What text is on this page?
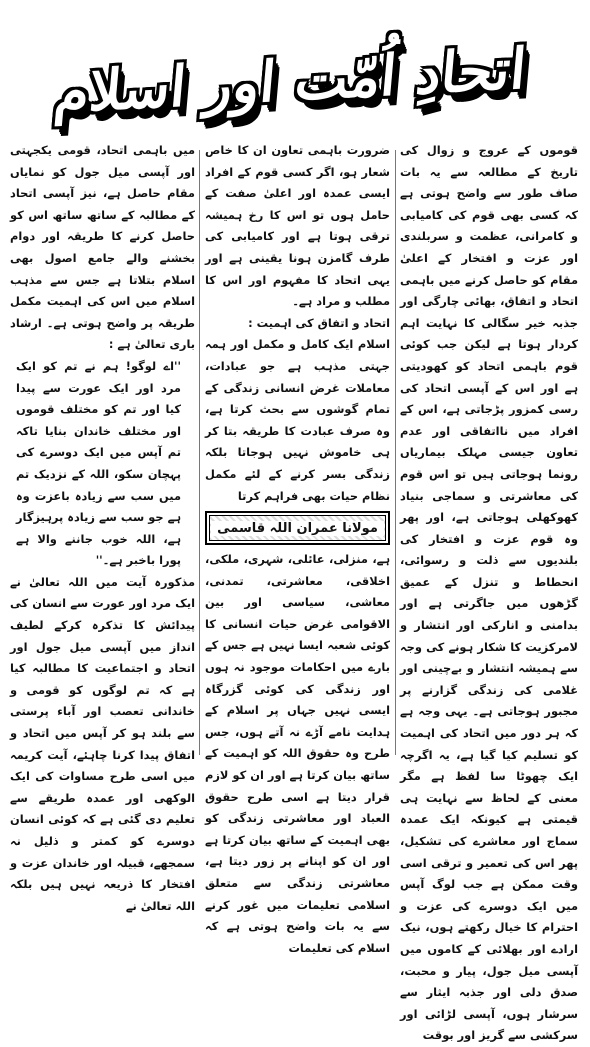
اتحادِ اُمّت اور اسلام

قوموں کے عروج و زوال کی تاریخ کے مطالعہ سے یہ بات صاف طور سے واضح ہوتی ہے کہ کسی بھی قوم کی کامیابی و کامرانی، عظمت و سربلندی اور عزت و افتخار کے اعلیٰ مقام کو حاصل کرنے میں باہمی اتحاد و اتفاق، بھائی چارگی اور جذبہ خیر سگالی کا نہایت اہم کردار ہوتا ہے لیکن جب کوئی قوم باہمی اتحاد کو کھودیتی ہے اور اس کے آپسی اتحاد کی رسی کمزور پڑجاتی ہے، اس کے افراد میں نااتفاقی اور عدم تعاون جیسی مہلک بیماریاں رونما ہوجاتی ہیں تو اس قوم کی معاشرتی و سماجی بنیاد کھوکھلی ہوجاتی ہے، اور پھر وہ قوم عزت و افتخار کی بلندیوں سے ذلت و رسوائی، انحطاط و تنزل کے عمیق گڑھوں میں جاگرتی ہے اور بدامنی و انارکی اور انتشار و لامرکزیت کا شکار ہونے کی وجہ سے ہمیشہ انتشار و بےچینی اور غلامی کی زندگی گزارنے پر مجبور ہوجاتی ہے۔ یہی وجہ ہے کہ ہر دور میں اتحاد کی اہمیت کو تسلیم کیا گیا ہے، یہ اگرچہ ایک چھوٹا سا لفظ ہے مگر معنی کے لحاظ سے نہایت ہی قیمتی ہے کیونکہ ایک عمدہ سماج اور معاشرے کی تشکیل، پھر اس کی تعمیر و ترقی اسی وقت ممکن ہے جب لوگ آپس میں ایک دوسرے کی عزت و احترام کا خیال رکھتے ہوں، نیک ارادے اور بھلائی کے کاموں میں آپسی میل جول، پیار و محبت، صدق دلی اور جذبہ ایثار سے سرشار ہوں، آپسی لڑائی اور سرکشی سے گریز اور بوقت

ضرورت باہمی تعاون ان کا خاص شعار ہو، اگر کسی قوم کے افراد ایسی عمدہ اور اعلیٰ صفت کے حامل ہوں تو اس کا رخ ہمیشہ ترقی ہوتا ہے اور کامیابی کی طرف گامزن ہونا یقینی ہے اور یہی اتحاد کا مفہوم اور اس کا مطلب و مراد ہے۔

اتحاد و اتفاق کی اہمیت :

اسلام ایک کامل و مکمل اور ہمہ جہتی مذہب ہے جو عبادات، معاملات غرض انسانی زندگی کے تمام گوشوں سے بحث کرتا ہے، وہ صرف عبادت کا طریقہ بتا کر ہی خاموش نہیں ہوجاتا بلکہ زندگی بسر کرنے کے لئے مکمل نظام حیات بھی فراہم کرتا

مولانا عمران اللہ قاسمی

ہے، منزلی، عائلی، شہری، ملکی، اخلاقی، معاشرتی، تمدنی، معاشی، سیاسی اور بین الاقوامی غرض حیات انسانی کا کوئی شعبہ ایسا نہیں ہے جس کے بارے میں احکامات موجود نہ ہوں اور زندگی کی کوئی گزرگاہ ایسی نہیں جہاں پر اسلام کے ہدایت نامے آڑے نہ آتے ہوں، جس طرح وہ حقوق اللہ کو اہمیت کے ساتھ بیان کرتا ہے اور ان کو لازم قرار دیتا ہے اسی طرح حقوق العباد اور معاشرتی زندگی کو بھی اہمیت کے ساتھ بیان کرتا ہے اور ان کو اپنانے پر زور دیتا ہے، معاشرتی زندگی سے متعلق اسلامی تعلیمات میں غور کرنے سے یہ بات واضح ہوتی ہے کہ اسلام کی تعلیمات

میں باہمی اتحاد، قومی یکجہتی اور آپسی میل جول کو نمایاں مقام حاصل ہے، نیز آپسی اتحاد کے مطالبہ کے ساتھ ساتھ اس کو حاصل کرنے کا طریقہ اور دوام بخشنے والے جامع اصول بھی اسلام بتلاتا ہے جس سے مذہب اسلام میں اس کی اہمیت مکمل طریقہ پر واضح ہوتی ہے۔ ارشاد باری تعالیٰ ہے :

''اے لوگو! ہم نے تم کو ایک مرد اور ایک عورت سے پیدا کیا اور تم کو مختلف قوموں اور مختلف خاندان بنایا تاکہ تم آپس میں ایک دوسرے کی پہچان سکو، اللہ کے نزدیک تم میں سب سے زیادہ باعزت وہ ہے جو سب سے زیادہ پرہیزگار ہے، اللہ خوب جاننے والا ہے پورا باخبر ہے۔''

مذکورہ آیت میں اللہ تعالیٰ نے ایک مرد اور عورت سے انسان کی پیدائش کا تذکرہ کرکے لطیف انداز میں آپسی میل جول اور اتحاد و اجتماعیت کا مطالبہ کیا ہے کہ تم لوگوں کو قومی و خاندانی تعصب اور آباء پرستی سے بلند ہو کر آپس میں اتحاد و اتفاق پیدا کرنا چاہئے، آیت کریمہ میں اسی طرح مساوات کی ایک الوکھی اور عمدہ طریقے سے تعلیم دی گئی ہے کہ کوئی انسان دوسرے کو کمتر و ذلیل نہ سمجھے، قبیلہ اور خاندان عزت و افتخار کا ذریعہ نہیں ہیں بلکہ اللہ تعالیٰ نے
